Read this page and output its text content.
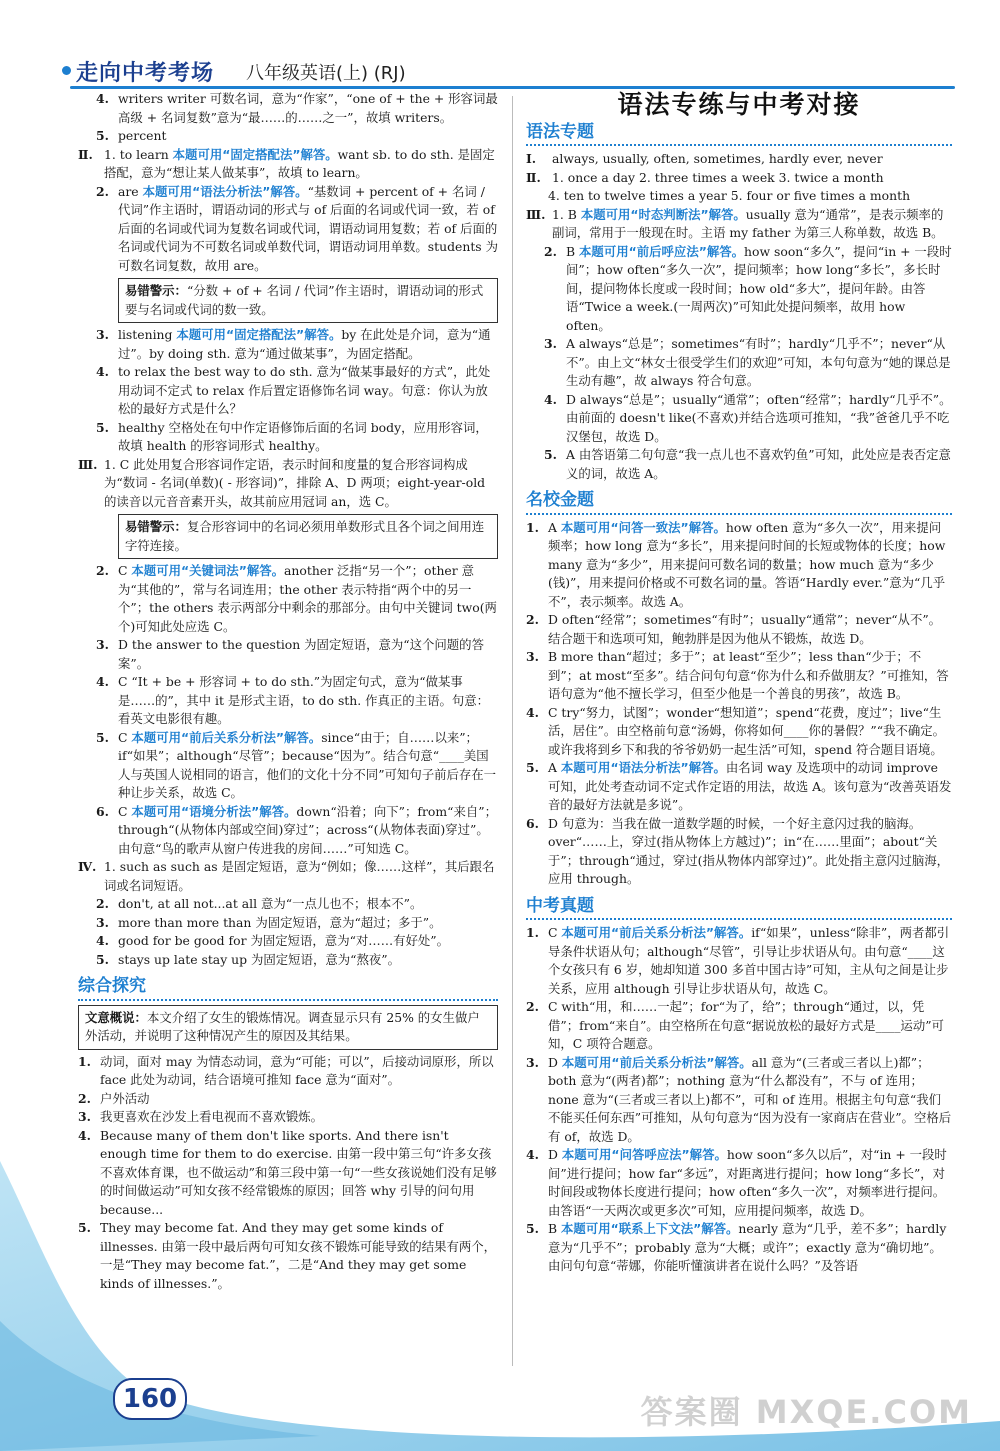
走向中考考场 八年级英语(上) (RJ)
4. writers writer 可数名词，意为“作家”，“one of + the + 形容词最高级 + 名词复数”意为“最……的……之一”，故填 writers。
5. percent
Ⅱ. 1. to learn 本题可用“固定搭配法”解答。want sb. to do sth. 是固定搭配，意为“想让某人做某事”，故填 to learn。
2. are 本题可用“语法分析法”解答。“基数词 + percent of + 名词 / 代词”作主语时，谓语动词的形式与 of 后面的名词或代词一致，若 of 后面的名词或代词为复数名词或代词，谓语动词用复数；若 of 后面的名词或代词为不可数名词或单数代词，谓语动词用单数。students 为可数名词复数，故用 are。
易错警示：“分数 + of + 名词 / 代词”作主语时，谓语动词的形式要与名词或代词的数一致。
3. listening 本题可用“固定搭配法”解答。by 在此处是介词，意为“通过”。by doing sth. 意为“通过做某事”，为固定搭配。
4. to relax the best way to do sth. 意为“做某事最好的方式”，此处用动词不定式 to relax 作后置定语修饰名词 way。句意：你认为放松的最好方式是什么？
5. healthy 空格处在句中作定语修饰后面的名词 body，应用形容词，故填 health 的形容词形式 healthy。
Ⅲ. 1. C 此处用复合形容词作定语，表示时间和度量的复合形容词构成为“数词 - 名词(单数)( - 形容词)”，排除 A、D 两项；eight-year-old 的读音以元音音素开头，故其前应用冠词 an，选 C。
易错警示：复合形容词中的名词必须用单数形式且各个词之间用连字符连接。
2. C 本题可用“关键词法”解答。another 泛指“另一个”；other 意为“其他的”，常与名词连用；the other 表示特指“两个中的另一个”；the others 表示两部分中剩余的那部分。由句中关键词 two(两个)可知此处应选 C。
3. D the answer to the question 为固定短语，意为“这个问题的答案”。
4. C “It + be + 形容词 + to do sth.”为固定句式，意为“做某事是……的”，其中 it 是形式主语，to do sth. 作真正的主语。句意：看英文电影很有趣。
5. C 本题可用“前后关系分析法”解答。since“由于；自……以来”；if“如果”；although“尽管”；because“因为”。结合句意“____美国人与英国人说相同的语言，他们的文化十分不同”可知句子前后存在一种让步关系，故选 C。
6. C 本题可用“语境分析法”解答。down“沿着；向下”；from“来自”；through“(从物体内部或空间)穿过”；across“(从物体表面)穿过”。由句意“鸟的歌声从窗户传进我的房间……”可知选 C。
Ⅳ. 1. such as such as 是固定短语，意为“例如；像……这样”，其后跟名词或名词短语。
2. don't, at all not...at all 意为“一点儿也不；根本不”。
3. more than more than 为固定短语，意为“超过；多于”。
4. good for be good for 为固定短语，意为“对……有好处”。
5. stays up late stay up 为固定短语，意为“熬夜”。
综合探究
文意概说：本文介绍了女生的锻炼情况。调查显示只有 25% 的女生做户外活动，并说明了这种情况产生的原因及其结果。
1. 动词，面对 may 为情态动词，意为“可能；可以”，后接动词原形，所以 face 此处为动词，结合语境可推知 face 意为“面对”。
2. 户外活动
3. 我更喜欢在沙发上看电视而不喜欢锻炼。
4. Because many of them don't like sports. And there isn't enough time for them to do exercise. 由第一段中第三句“许多女孩不喜欢体育课，也不做运动”和第三段中第一句“一些女孩说她们没有足够的时间做运动”可知女孩不经常锻炼的原因；回答 why 引导的问句用 because...
5. They may become fat. And they may get some kinds of illnesses. 由第一段中最后两句可知女孩不锻炼可能导致的结果有两个，一是“They may become fat.”，二是“And they may get some kinds of illnesses.”。
语法专练与中考对接
语法专题
Ⅰ. always, usually, often, sometimes, hardly ever, never
Ⅱ. 1. once a day 2. three times a week 3. twice a month
4. ten to twelve times a year 5. four or five times a month
Ⅲ. 1. B 本题可用“时态判断法”解答。usually 意为“通常”，是表示频率的副词，常用于一般现在时。主语 my father 为第三人称单数，故选 B。
2. B 本题可用“前后呼应法”解答。how soon“多久”，提问“in + 一段时间”；how often“多久一次”，提问频率；how long“多长”，多长时间，提问物体长度或一段时间；how old“多大”，提问年龄。由答语“Twice a week.(一周两次)”可知此处提问频率，故用 how often。
3. A always“总是”；sometimes“有时”；hardly“几乎不”；never“从不”。由上文“林女士很受学生们的欢迎”可知，本句句意为“她的课总是生动有趣”，故 always 符合句意。
4. D always“总是”；usually“通常”；often“经常”；hardly“几乎不”。由前面的 doesn't like(不喜欢)并结合选项可推知，“我”爸爸几乎不吃汉堡包，故选 D。
5. A 由答语第二句句意“我一点儿也不喜欢钓鱼”可知，此处应是表否定意义的词，故选 A。
名校金题
1. A 本题可用“问答一致法”解答。how often 意为“多久一次”，用来提问频率；how long 意为“多长”，用来提问时间的长短或物体的长度；how many 意为“多少”，用来提问可数名词的数量；how much 意为“多少(钱)”，用来提问价格或不可数名词的量。答语“Hardly ever.”意为“几乎不”，表示频率。故选 A。
2. D often“经常”；sometimes“有时”；usually“通常”；never“从不”。结合题干和选项可知，鲍勃胖是因为他从不锻炼，故选 D。
3. B more than“超过；多于”；at least“至少”；less than“少于；不到”；at most“至多”。结合问句句意“你为什么和乔做朋友？”可推知，答语句意为“他不擅长学习，但至少他是一个善良的男孩”，故选 B。
4. C try“努力，试图”；wonder“想知道”；spend“花费，度过”；live“生活，居住”。由空格前句意“汤姆，你将如何____你的暑假？”“我不确定。或许我将到乡下和我的爷爷奶奶一起生活”可知，spend 符合题目语境。
5. A 本题可用“语法分析法”解答。由名词 way 及选项中的动词 improve 可知，此处考查动词不定式作定语的用法，故选 A。该句意为“改善英语发音的最好方法就是多说”。
6. D 句意为：当我在做一道数学题的时候，一个好主意闪过我的脑海。over“……上，穿过(指从物体上方越过)”；in“在……里面”；about“关于”；through“通过，穿过(指从物体内部穿过)”。此处指主意闪过脑海，应用 through。
中考真题
1. C 本题可用“前后关系分析法”解答。if“如果”，unless“除非”，两者都引导条件状语从句；although“尽管”，引导让步状语从句。由句意“____这个女孩只有 6 岁，她却知道 300 多首中国古诗”可知，主从句之间是让步关系，应用 although 引导让步状语从句，故选 C。
2. C with“用，和……一起”；for“为了，给”；through“通过，以，凭借”；from“来自”。由空格所在句意“据说放松的最好方式是____运动”可知，C 项符合题意。
3. D 本题可用“前后关系分析法”解答。all 意为“(三者或三者以上)都”；both 意为“(两者)都”；nothing 意为“什么都没有”，不与 of 连用；none 意为“(三者或三者以上)都不”，可和 of 连用。根据主句句意“我们不能买任何东西”可推知，从句句意为“因为没有一家商店在营业”。空格后有 of，故选 D。
4. D 本题可用“问答呼应法”解答。how soon“多久以后”，对“in + 一段时间”进行提问；how far“多远”，对距离进行提问；how long“多长”，对时间段或物体长度进行提问；how often“多久一次”，对频率进行提问。由答语“一天两次或更多次”可知，应用提问频率，故选 D。
5. B 本题可用“联系上下文法”解答。nearly 意为“几乎，差不多”；hardly 意为“几乎不”；probably 意为“大概；或许”；exactly 意为“确切地”。由问句句意“蒂娜，你能听懂演讲者在说什么吗？”及答语
160	答案圈 MXQE.COM
